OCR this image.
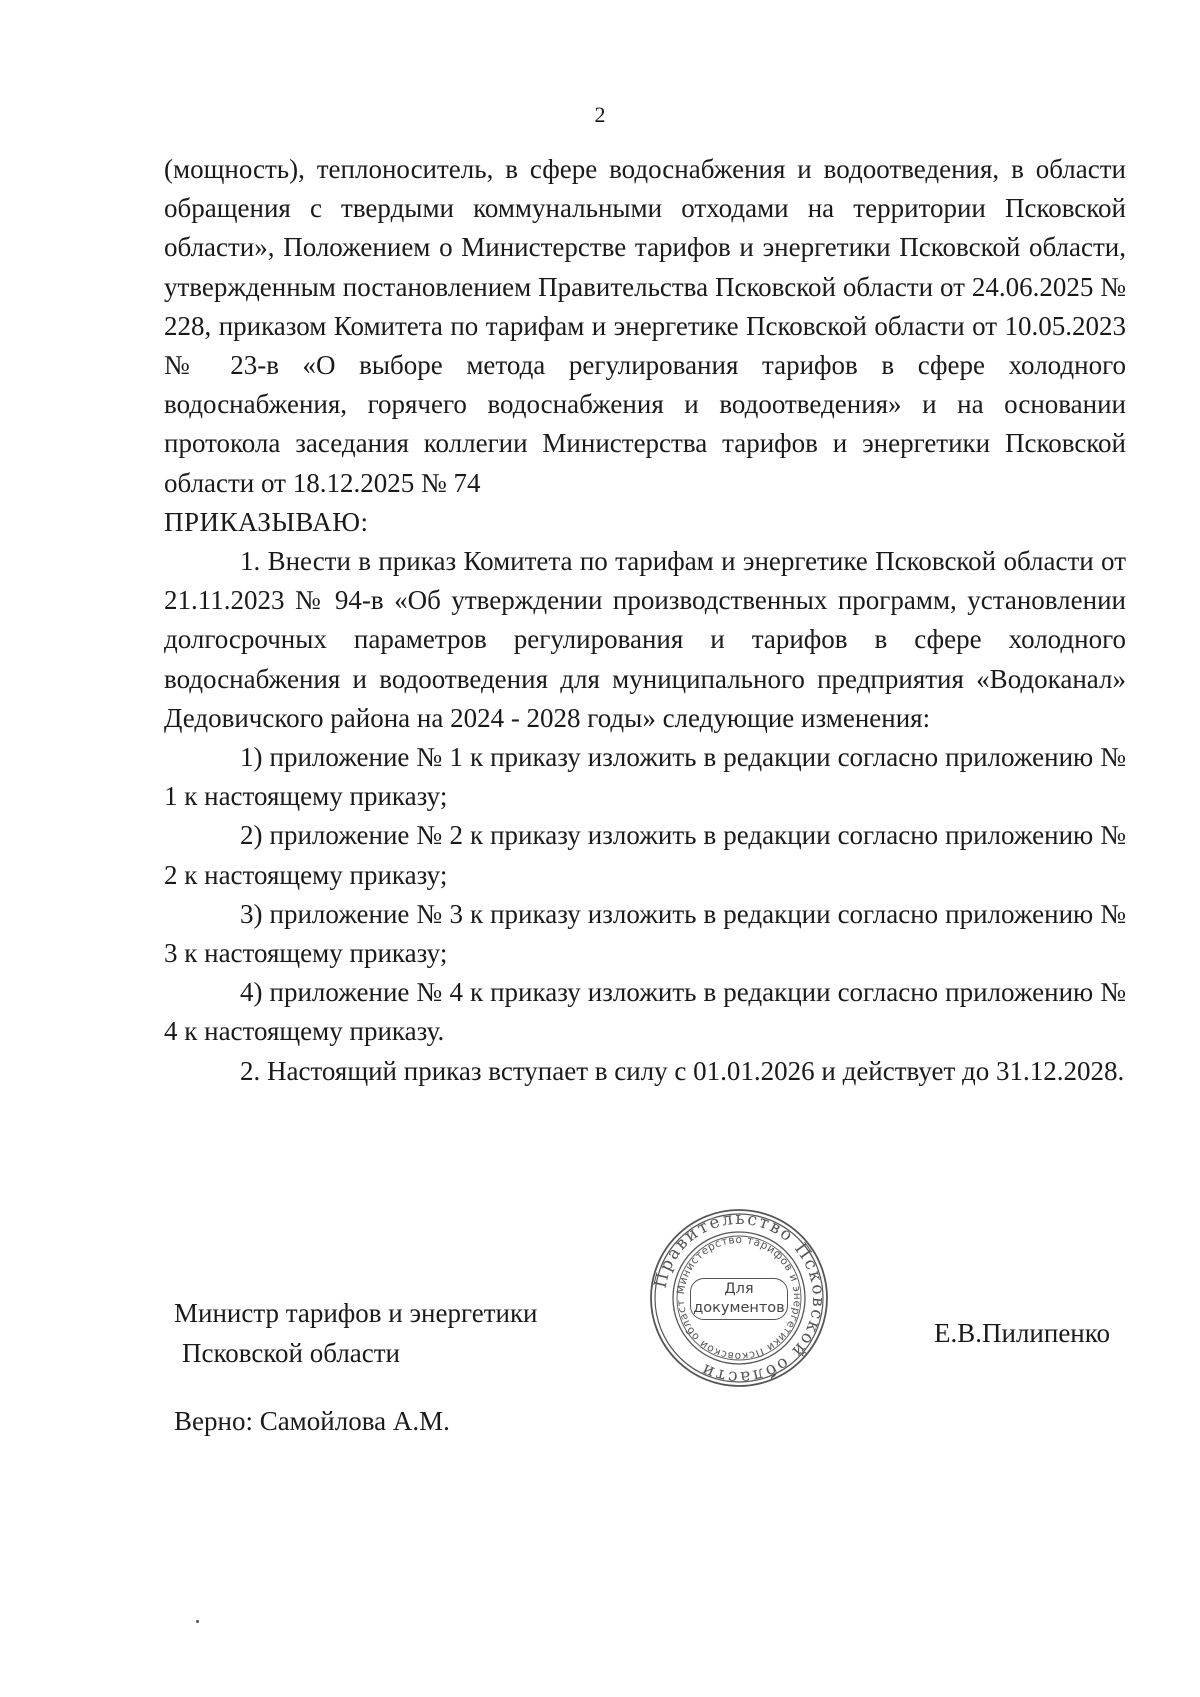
2

(мощность), теплоноситель, в сфере водоснабжения и водоотведения, в области обращения с твердыми коммунальными отходами на территории Псковской области», Положением о Министерстве тарифов и энергетики Псковской области, утвержденным постановлением Правительства Псковской области от 24.06.2025 № 228, приказом Комитета по тарифам и энергетике Псковской области от 10.05.2023 № 23-в «О выборе метода регулирования тарифов в сфере холодного водоснабжения, горячего водоснабжения и водоотведения» и на основании протокола заседания коллегии Министерства тарифов и энергетики Псковской области от 18.12.2025 № 74

ПРИКАЗЫВАЮ:

1. Внести в приказ Комитета по тарифам и энергетике Псковской области от 21.11.2023 № 94-в «Об утверждении производственных программ, установлении долгосрочных параметров регулирования и тарифов в сфере холодного водоснабжения и водоотведения для муниципального предприятия «Водоканал» Дедовичского района на 2024 - 2028 годы» следующие изменения:

1) приложение № 1 к приказу изложить в редакции согласно приложению № 1 к настоящему приказу;

2) приложение № 2 к приказу изложить в редакции согласно приложению № 2 к настоящему приказу;

3) приложение № 3 к приказу изложить в редакции согласно приложению № 3 к настоящему приказу;

4) приложение № 4 к приказу изложить в редакции согласно приложению № 4 к настоящему приказу.

2. Настоящий приказ вступает в силу с 01.01.2026 и действует до 31.12.2028.

Министр тарифов и энергетики
Псковской области
Правительство Псковской области
Министерство тарифов и энергетики Псковской област
Для
документов
Е.В.Пилипенко
Верно: Самойлова А.М.
